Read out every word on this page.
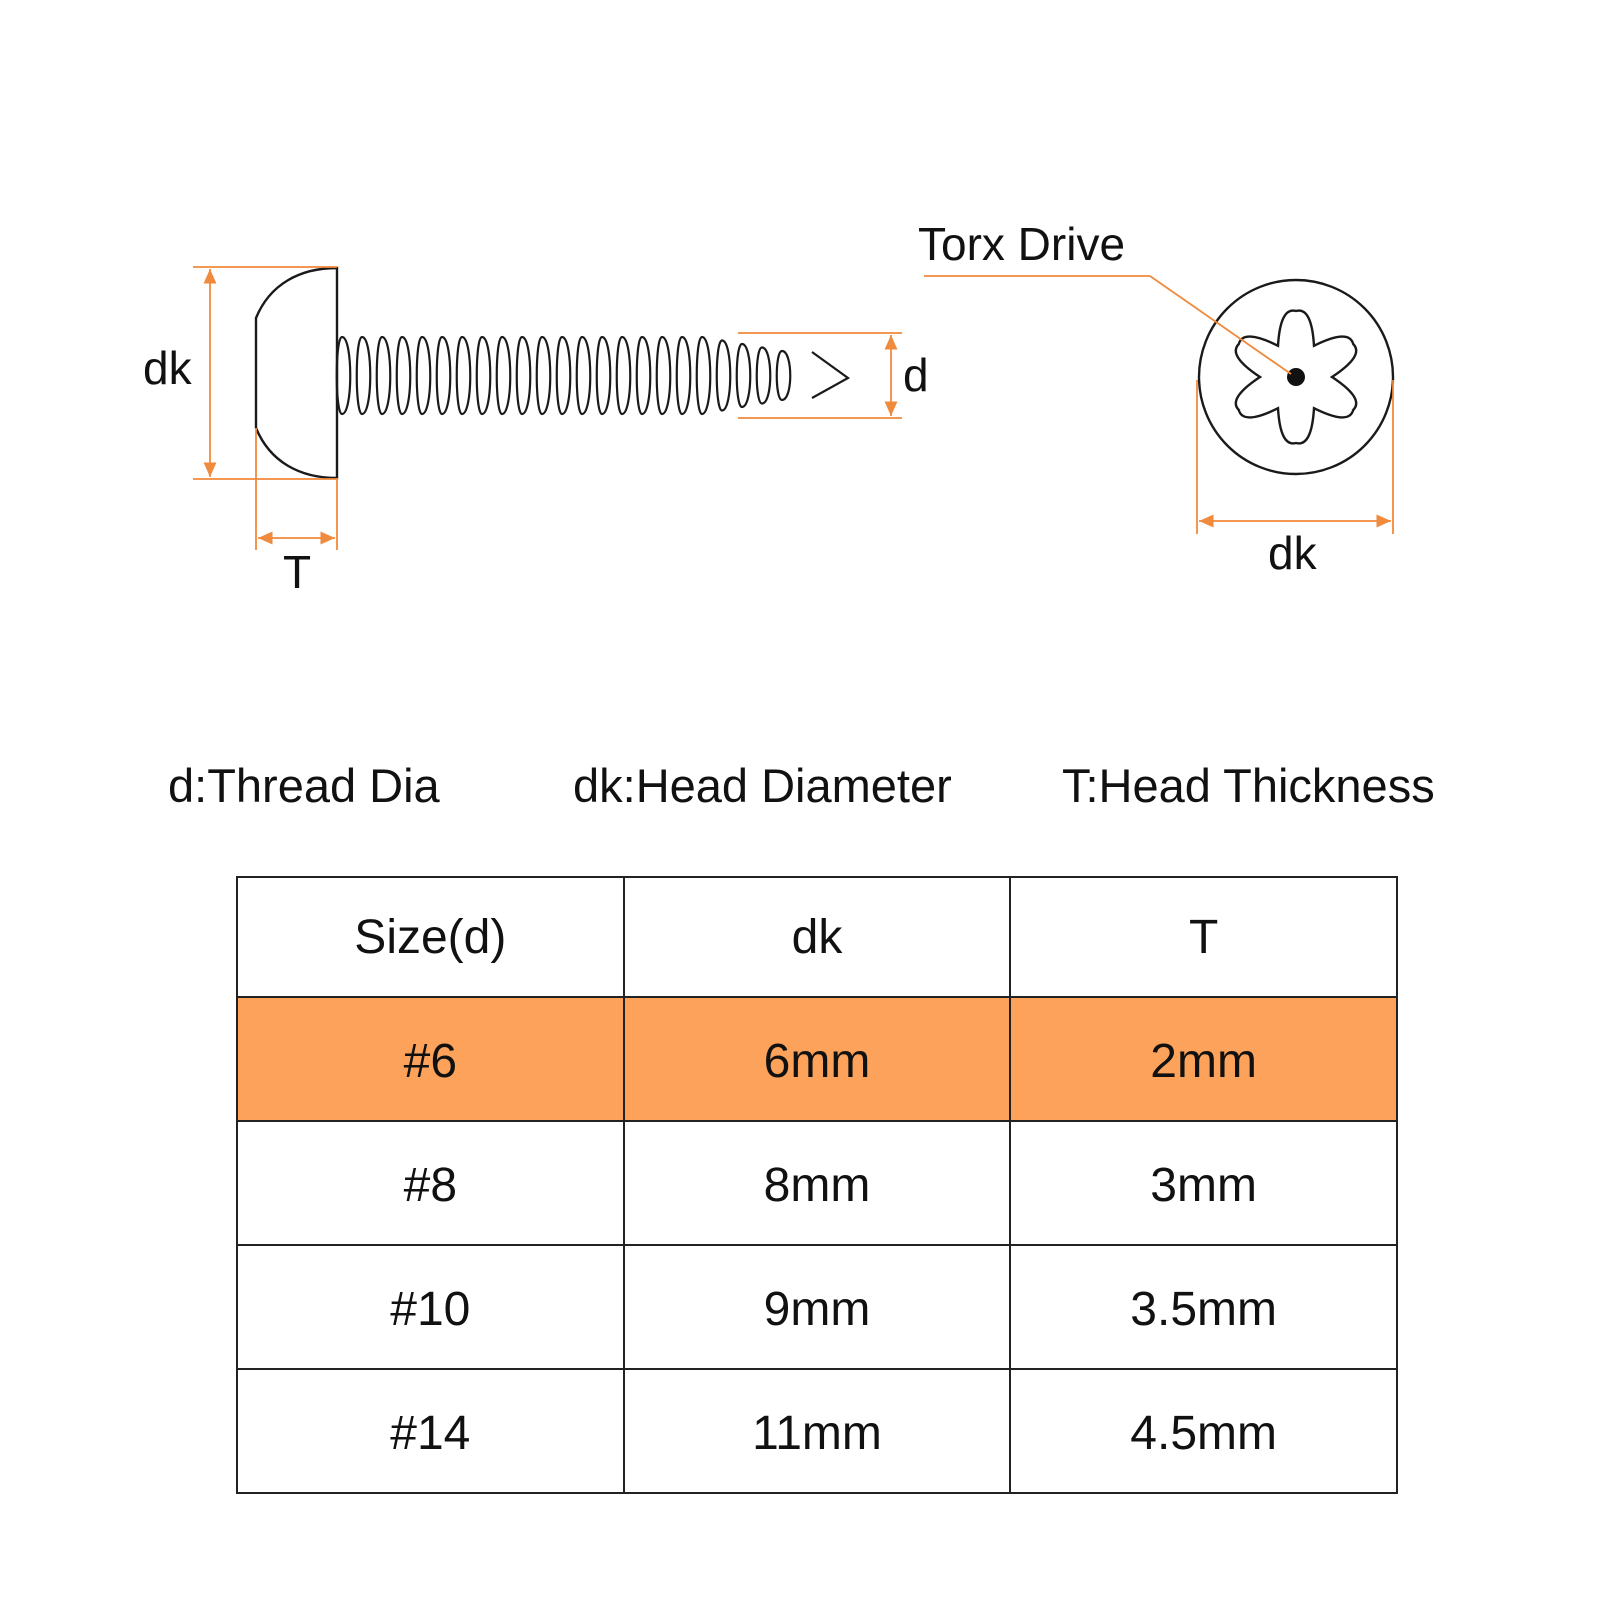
dk
T
d
Torx Drive
dk
d:Thread Dia	dk:Head Diameter T:Head Thickness
Size(d)	dk	T
#6	6mm	2mm
#8	8mm	3mm
#10	9mm	3.5mm
#14	11mm	4.5mm
